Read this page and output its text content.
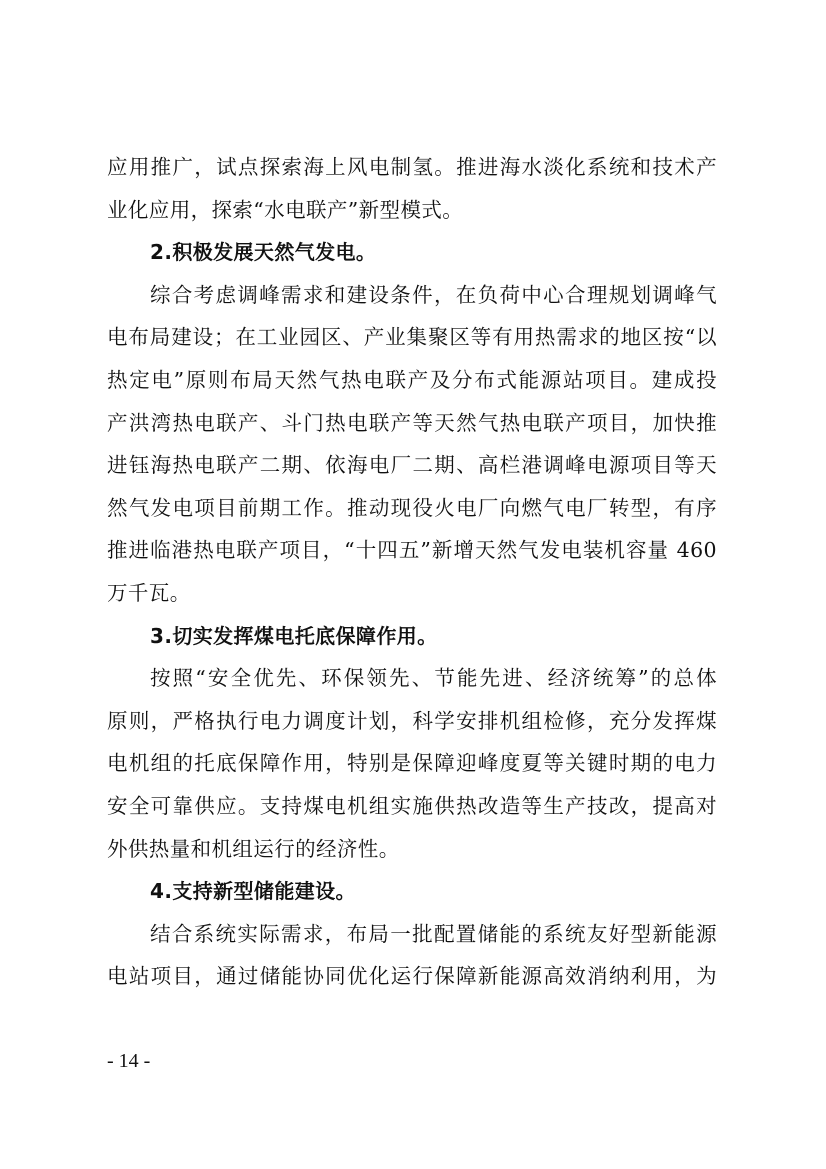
应用推广，试点探索海上风电制氢。推进海水淡化系统和技术产
业化应用，探索“水电联产”新型模式。
2.积极发展天然气发电。
综合考虑调峰需求和建设条件，在负荷中心合理规划调峰气
电布局建设；在工业园区、产业集聚区等有用热需求的地区按“以
热定电”原则布局天然气热电联产及分布式能源站项目。建成投
产洪湾热电联产、斗门热电联产等天然气热电联产项目，加快推
进钰海热电联产二期、依海电厂二期、高栏港调峰电源项目等天
然气发电项目前期工作。推动现役火电厂向燃气电厂转型，有序
推进临港热电联产项目，“十四五”新增天然气发电装机容量 460
万千瓦。
3.切实发挥煤电托底保障作用。
按照“安全优先、环保领先、节能先进、经济统筹”的总体
原则，严格执行电力调度计划，科学安排机组检修，充分发挥煤
电机组的托底保障作用，特别是保障迎峰度夏等关键时期的电力
安全可靠供应。支持煤电机组实施供热改造等生产技改，提高对
外供热量和机组运行的经济性。
4.支持新型储能建设。
结合系统实际需求，布局一批配置储能的系统友好型新能源
电站项目，通过储能协同优化运行保障新能源高效消纳利用，为
- 14 -
